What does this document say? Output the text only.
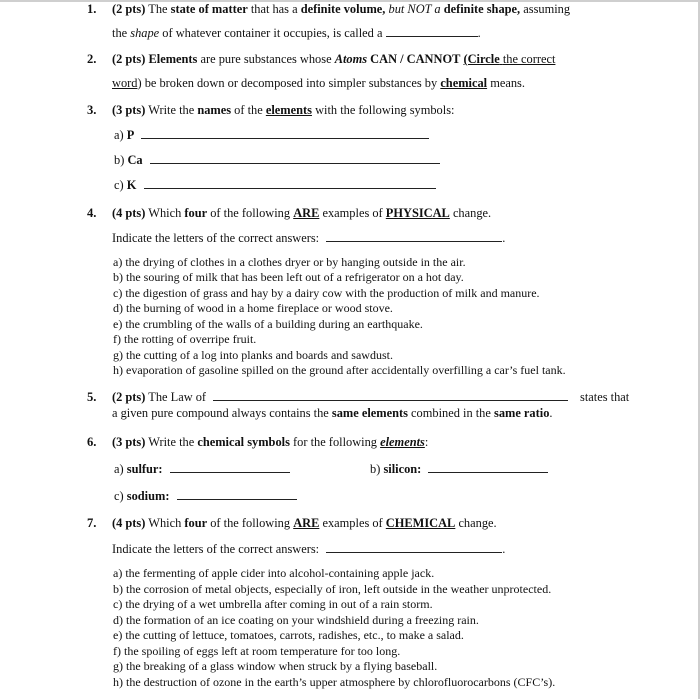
1. (2 pts) The state of matter that has a definite volume, but NOT a definite shape, assuming
the shape of whatever container it occupies, is called a	.
2. (2 pts) Elements are pure substances whose Atoms CAN / CANNOT (Circle the correct
word) be broken down or decomposed into simpler substances by chemical means.
3. (3 pts) Write the names of the elements with the following symbols:
a) P
b) Ca
c) K
4. (4 pts) Which four of the following ARE examples of PHYSICAL change.
Indicate the letters of the correct answers:	.
a) the drying of clothes in a clothes dryer or by hanging outside in the air.
b) the souring of milk that has been left out of a refrigerator on a hot day.
c) the digestion of grass and hay by a dairy cow with the production of milk and manure.
d) the burning of wood in a home fireplace or wood stove.
e) the crumbling of the walls of a building during an earthquake.
f) the rotting of overripe fruit.
g) the cutting of a log into planks and boards and sawdust.
h) evaporation of gasoline spilled on the ground after accidentally overfilling a car’s fuel tank.
5. (2 pts) The Law of	states that
a given pure compound always contains the same elements combined in the same ratio.
6. (3 pts) Write the chemical symbols for the following elements:
a) sulfur:	b) silicon:
c) sodium:
7. (4 pts) Which four of the following ARE examples of CHEMICAL change.
Indicate the letters of the correct answers:	.
a) the fermenting of apple cider into alcohol-containing apple jack.
b) the corrosion of metal objects, especially of iron, left outside in the weather unprotected.
c) the drying of a wet umbrella after coming in out of a rain storm.
d) the formation of an ice coating on your windshield during a freezing rain.
e) the cutting of lettuce, tomatoes, carrots, radishes, etc., to make a salad.
f) the spoiling of eggs left at room temperature for too long.
g) the breaking of a glass window when struck by a flying baseball.
h) the destruction of ozone in the earth’s upper atmosphere by chlorofluorocarbons (CFC’s).
